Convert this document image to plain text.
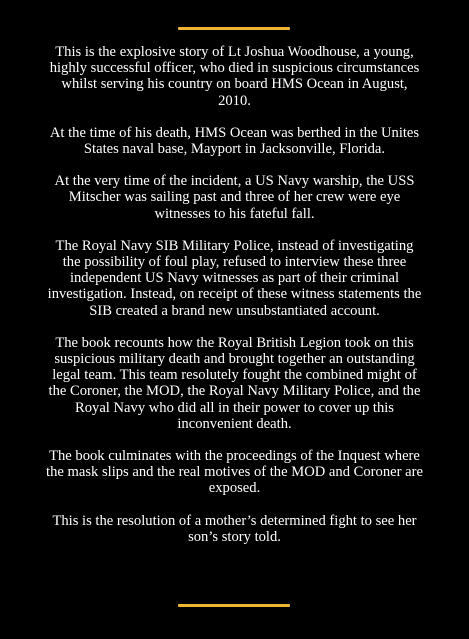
This is the explosive story of Lt Joshua Woodhouse, a young, highly successful officer, who died in suspicious circumstances whilst serving his country on board HMS Ocean in August, 2010.

At the time of his death, HMS Ocean was berthed in the Unites States naval base, Mayport in Jacksonville, Florida.

At the very time of the incident, a US Navy warship, the USS Mitscher was sailing past and three of her crew were eye witnesses to his fateful fall.

The Royal Navy SIB Military Police, instead of investigating the possibility of foul play, refused to interview these three independent US Navy witnesses as part of their criminal investigation. Instead, on receipt of these witness statements the SIB created a brand new unsubstantiated account.

The book recounts how the Royal British Legion took on this suspicious military death and brought together an outstanding legal team. This team resolutely fought the combined might of the Coroner, the MOD, the Royal Navy Military Police, and the Royal Navy who did all in their power to cover up this inconvenient death.

The book culminates with the proceedings of the Inquest where the mask slips and the real motives of the MOD and Coroner are exposed.

This is the resolution of a mother’s determined fight to see her son’s story told.
